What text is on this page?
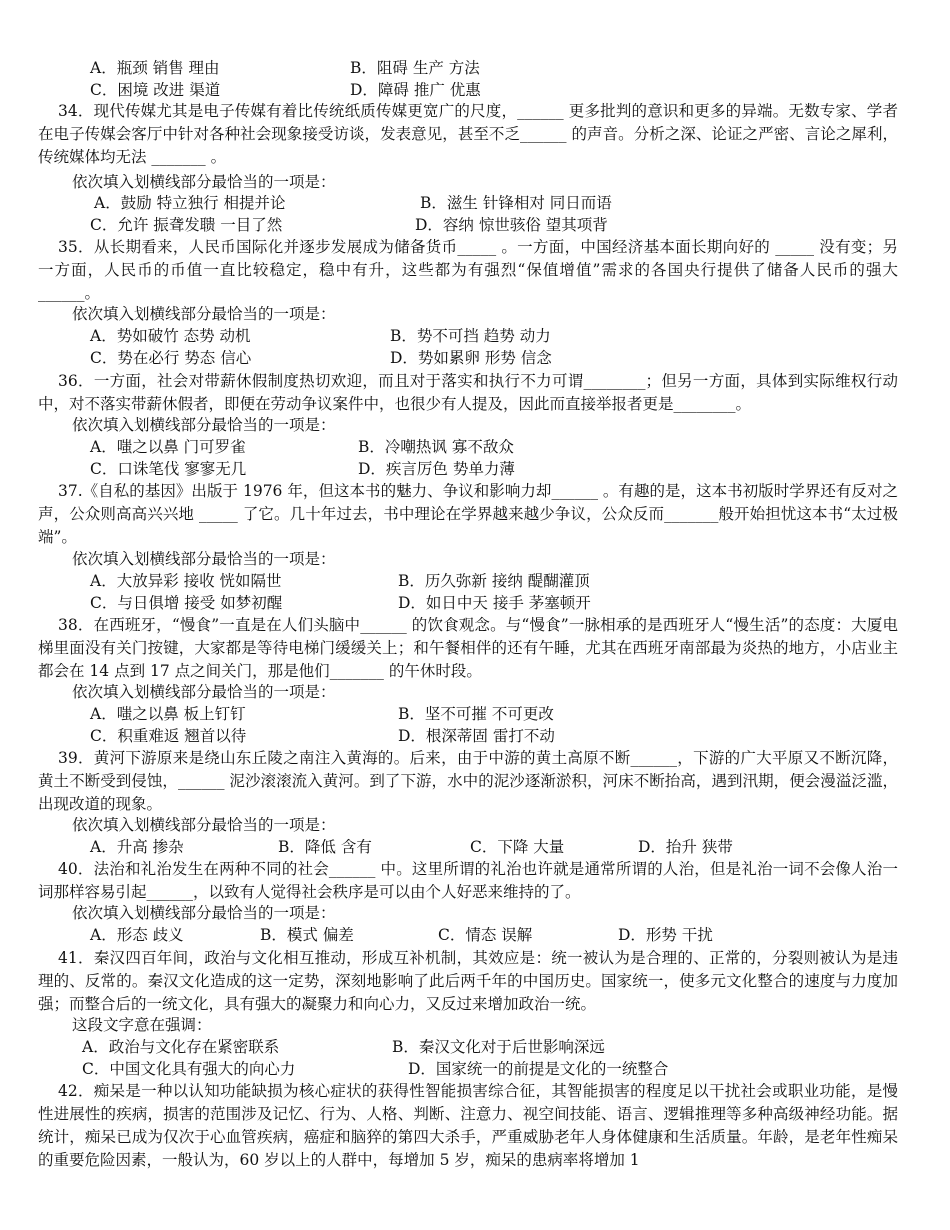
A．瓶颈 销售 理由	B．阻碍 生产 方法
C．困境 改进 渠道	D．障碍 推广 优惠
34．现代传媒尤其是电子传媒有着比传统纸质传媒更宽广的尺度，______ 更多批判的意识和更多的异端。无数专家、学者在电子传媒会客厅中针对各种社会现象接受访谈，发表意见，甚至不乏______ 的声音。分析之深、论证之严密、言论之犀利，传统媒体均无法 _______ 。
依次填入划横线部分最恰当的一项是：
A．鼓励 特立独行 相提并论	B．滋生 针锋相对 同日而语
C．允许 振聋发聩 一目了然	D．容纳 惊世骇俗 望其项背
35．从长期看来，人民币国际化并逐步发展成为储备货币_____ 。一方面，中国经济基本面长期向好的 _____ 没有变；另一方面，人民币的币值一直比较稳定，稳中有升，这些都为有强烈“保值增值”需求的各国央行提供了储备人民币的强大 ______。
依次填入划横线部分最恰当的一项是：
A．势如破竹 态势 动机	B．势不可挡 趋势 动力
C．势在必行 势态 信心	D．势如累卵 形势 信念
36．一方面，社会对带薪休假制度热切欢迎，而且对于落实和执行不力可谓________；但另一方面，具体到实际维权行动中，对不落实带薪休假者，即便在劳动争议案件中，也很少有人提及，因此而直接举报者更是________。
依次填入划横线部分最恰当的一项是：
A．嗤之以鼻 门可罗雀	B．冷嘲热讽 寡不敌众
C．口诛笔伐 寥寥无几	D．疾言厉色 势单力薄
37.《自私的基因》出版于 1976 年，但这本书的魅力、争议和影响力却______ 。有趣的是，这本书初版时学界还有反对之声，公众则高高兴兴地 _____ 了它。几十年过去，书中理论在学界越来越少争议，公众反而_______般开始担忧这本书“太过极端”。
依次填入划横线部分最恰当的一项是：
A．大放异彩 接收 恍如隔世	B．历久弥新 接纳 醍醐灌顶
C．与日俱增 接受 如梦初醒	D．如日中天 接手 茅塞顿开
38．在西班牙，“慢食”一直是在人们头脑中______ 的饮食观念。与“慢食”一脉相承的是西班牙人“慢生活”的态度：大厦电梯里面没有关门按键，大家都是等待电梯门缓缓关上；和午餐相伴的还有午睡，尤其在西班牙南部最为炎热的地方，小店业主都会在 14 点到 17 点之间关门，那是他们_______ 的午休时段。
依次填入划横线部分最恰当的一项是：
A．嗤之以鼻 板上钉钉	B．坚不可摧 不可更改
C．积重难返 翘首以待	D．根深蒂固 雷打不动
39．黄河下游原来是绕山东丘陵之南注入黄海的。后来，由于中游的黄土高原不断______，下游的广大平原又不断沉降，黄土不断受到侵蚀，______ 泥沙滚滚流入黄河。到了下游，水中的泥沙逐渐淤积，河床不断抬高，遇到汛期，便会漫溢泛滥，出现改道的现象。
依次填入划横线部分最恰当的一项是：
A．升高 掺杂	B．降低 含有	C．下降 大量	D．抬升 狭带
40．法治和礼治发生在两种不同的社会______ 中。这里所谓的礼治也许就是通常所谓的人治，但是礼治一词不会像人治一词那样容易引起______，以致有人觉得社会秩序是可以由个人好恶来维持的了。
依次填入划横线部分最恰当的一项是：
A．形态 歧义	B．模式 偏差	C．情态 误解	D．形势 干扰
41．秦汉四百年间，政治与文化相互推动，形成互补机制，其效应是：统一被认为是合理的、正常的，分裂则被认为是违理的、反常的。秦汉文化造成的这一定势，深刻地影响了此后两千年的中国历史。国家统一，使多元文化整合的速度与力度加强；而整合后的一统文化，具有强大的凝聚力和向心力，又反过来增加政治一统。
这段文字意在强调：
A．政治与文化存在紧密联系	B．秦汉文化对于后世影响深远
C．中国文化具有强大的向心力	D．国家统一的前提是文化的一统整合
42．痴呆是一种以认知功能缺损为核心症状的获得性智能损害综合征，其智能损害的程度足以干扰社会或职业功能，是慢性进展性的疾病，损害的范围涉及记忆、行为、人格、判断、注意力、视空间技能、语言、逻辑推理等多种高级神经功能。据统计，痴呆已成为仅次于心血管疾病，癌症和脑猝的第四大杀手，严重威胁老年人身体健康和生活质量。年龄，是老年性痴呆的重要危险因素，一般认为，60 岁以上的人群中，每增加 5 岁，痴呆的患病率将增加 1
